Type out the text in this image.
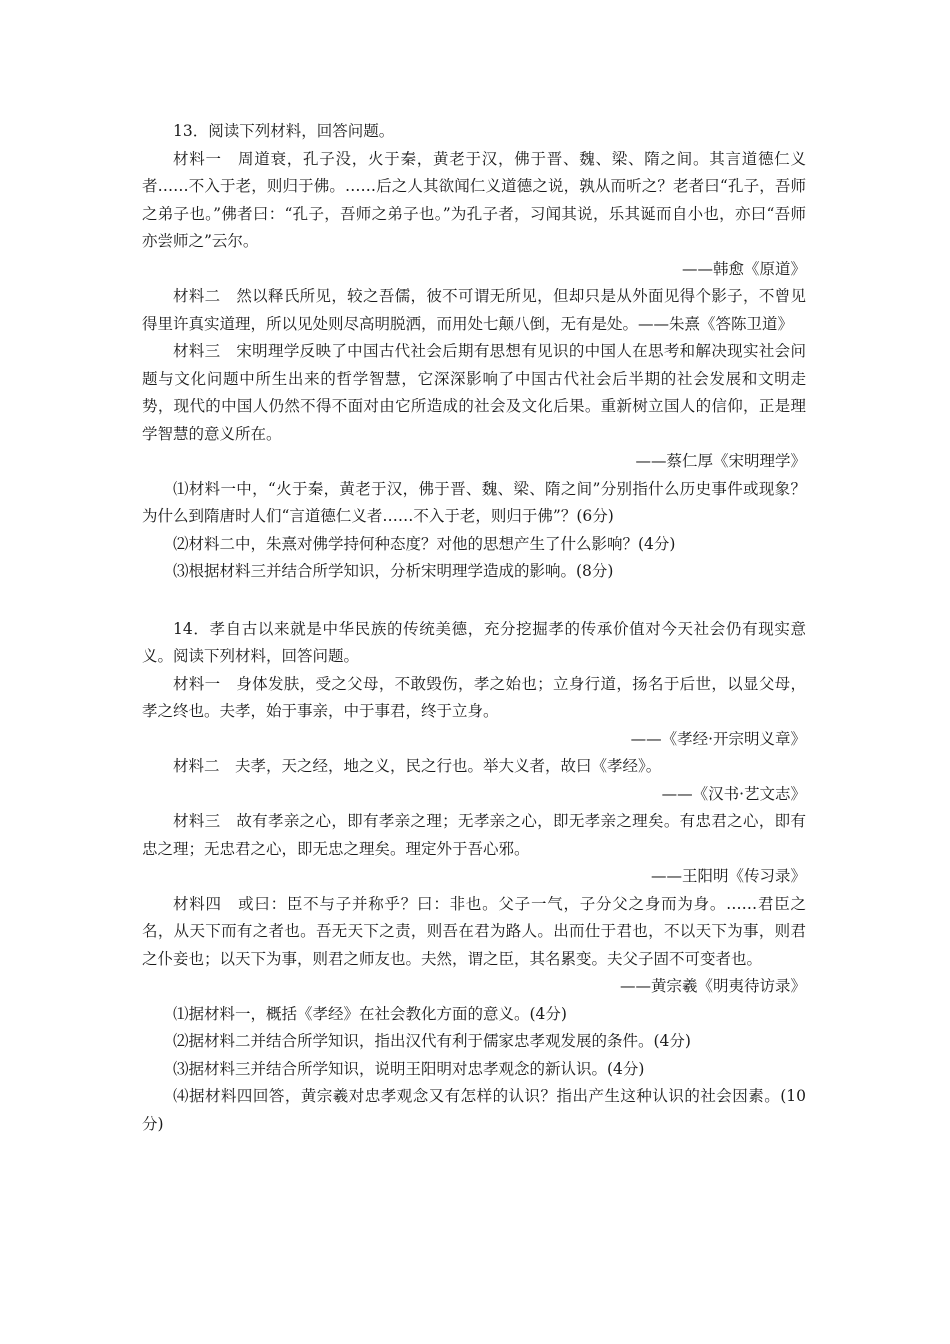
13．阅读下列材料，回答问题。

材料一　周道衰，孔子没，火于秦，黄老于汉，佛于晋、魏、梁、隋之间。其言道德仁义者……不入于老，则归于佛。……后之人其欲闻仁义道德之说，孰从而听之？老者曰“孔子，吾师之弟子也。”佛者曰：“孔子，吾师之弟子也。”为孔子者，习闻其说，乐其诞而自小也，亦曰“吾师亦尝师之”云尔。

——韩愈《原道》

材料二　然以释氏所见，较之吾儒，彼不可谓无所见，但却只是从外面见得个影子，不曾见得里许真实道理，所以见处则尽高明脱洒，而用处七颠八倒，无有是处。——朱熹《答陈卫道》

材料三　宋明理学反映了中国古代社会后期有思想有见识的中国人在思考和解决现实社会问题与文化问题中所生出来的哲学智慧，它深深影响了中国古代社会后半期的社会发展和文明走势，现代的中国人仍然不得不面对由它所造成的社会及文化后果。重新树立国人的信仰，正是理学智慧的意义所在。

——蔡仁厚《宋明理学》

⑴材料一中，“火于秦，黄老于汉，佛于晋、魏、梁、隋之间”分别指什么历史事件或现象？为什么到隋唐时人们“言道德仁义者……不入于老，则归于佛”？(6分)

⑵材料二中，朱熹对佛学持何种态度？对他的思想产生了什么影响？(4分)

⑶根据材料三并结合所学知识，分析宋明理学造成的影响。(8分)

14．孝自古以来就是中华民族的传统美德，充分挖掘孝的传承价值对今天社会仍有现实意义。阅读下列材料，回答问题。

材料一　身体发肤，受之父母，不敢毁伤，孝之始也；立身行道，扬名于后世，以显父母，孝之终也。夫孝，始于事亲，中于事君，终于立身。

——《孝经·开宗明义章》

材料二　夫孝，天之经，地之义，民之行也。举大义者，故曰《孝经》。

——《汉书·艺文志》

材料三　故有孝亲之心，即有孝亲之理；无孝亲之心，即无孝亲之理矣。有忠君之心，即有忠之理；无忠君之心，即无忠之理矣。理定外于吾心邪。

——王阳明《传习录》

材料四　或曰：臣不与子并称乎？曰：非也。父子一气，子分父之身而为身。……君臣之名，从天下而有之者也。吾无天下之责，则吾在君为路人。出而仕于君也，不以天下为事，则君之仆妾也；以天下为事，则君之师友也。夫然，谓之臣，其名累变。夫父子固不可变者也。

——黄宗羲《明夷待访录》

⑴据材料一，概括《孝经》在社会教化方面的意义。(4分)

⑵据材料二并结合所学知识，指出汉代有利于儒家忠孝观发展的条件。(4分)

⑶据材料三并结合所学知识，说明王阳明对忠孝观念的新认识。(4分)

⑷据材料四回答，黄宗羲对忠孝观念又有怎样的认识？指出产生这种认识的社会因素。(10分)
